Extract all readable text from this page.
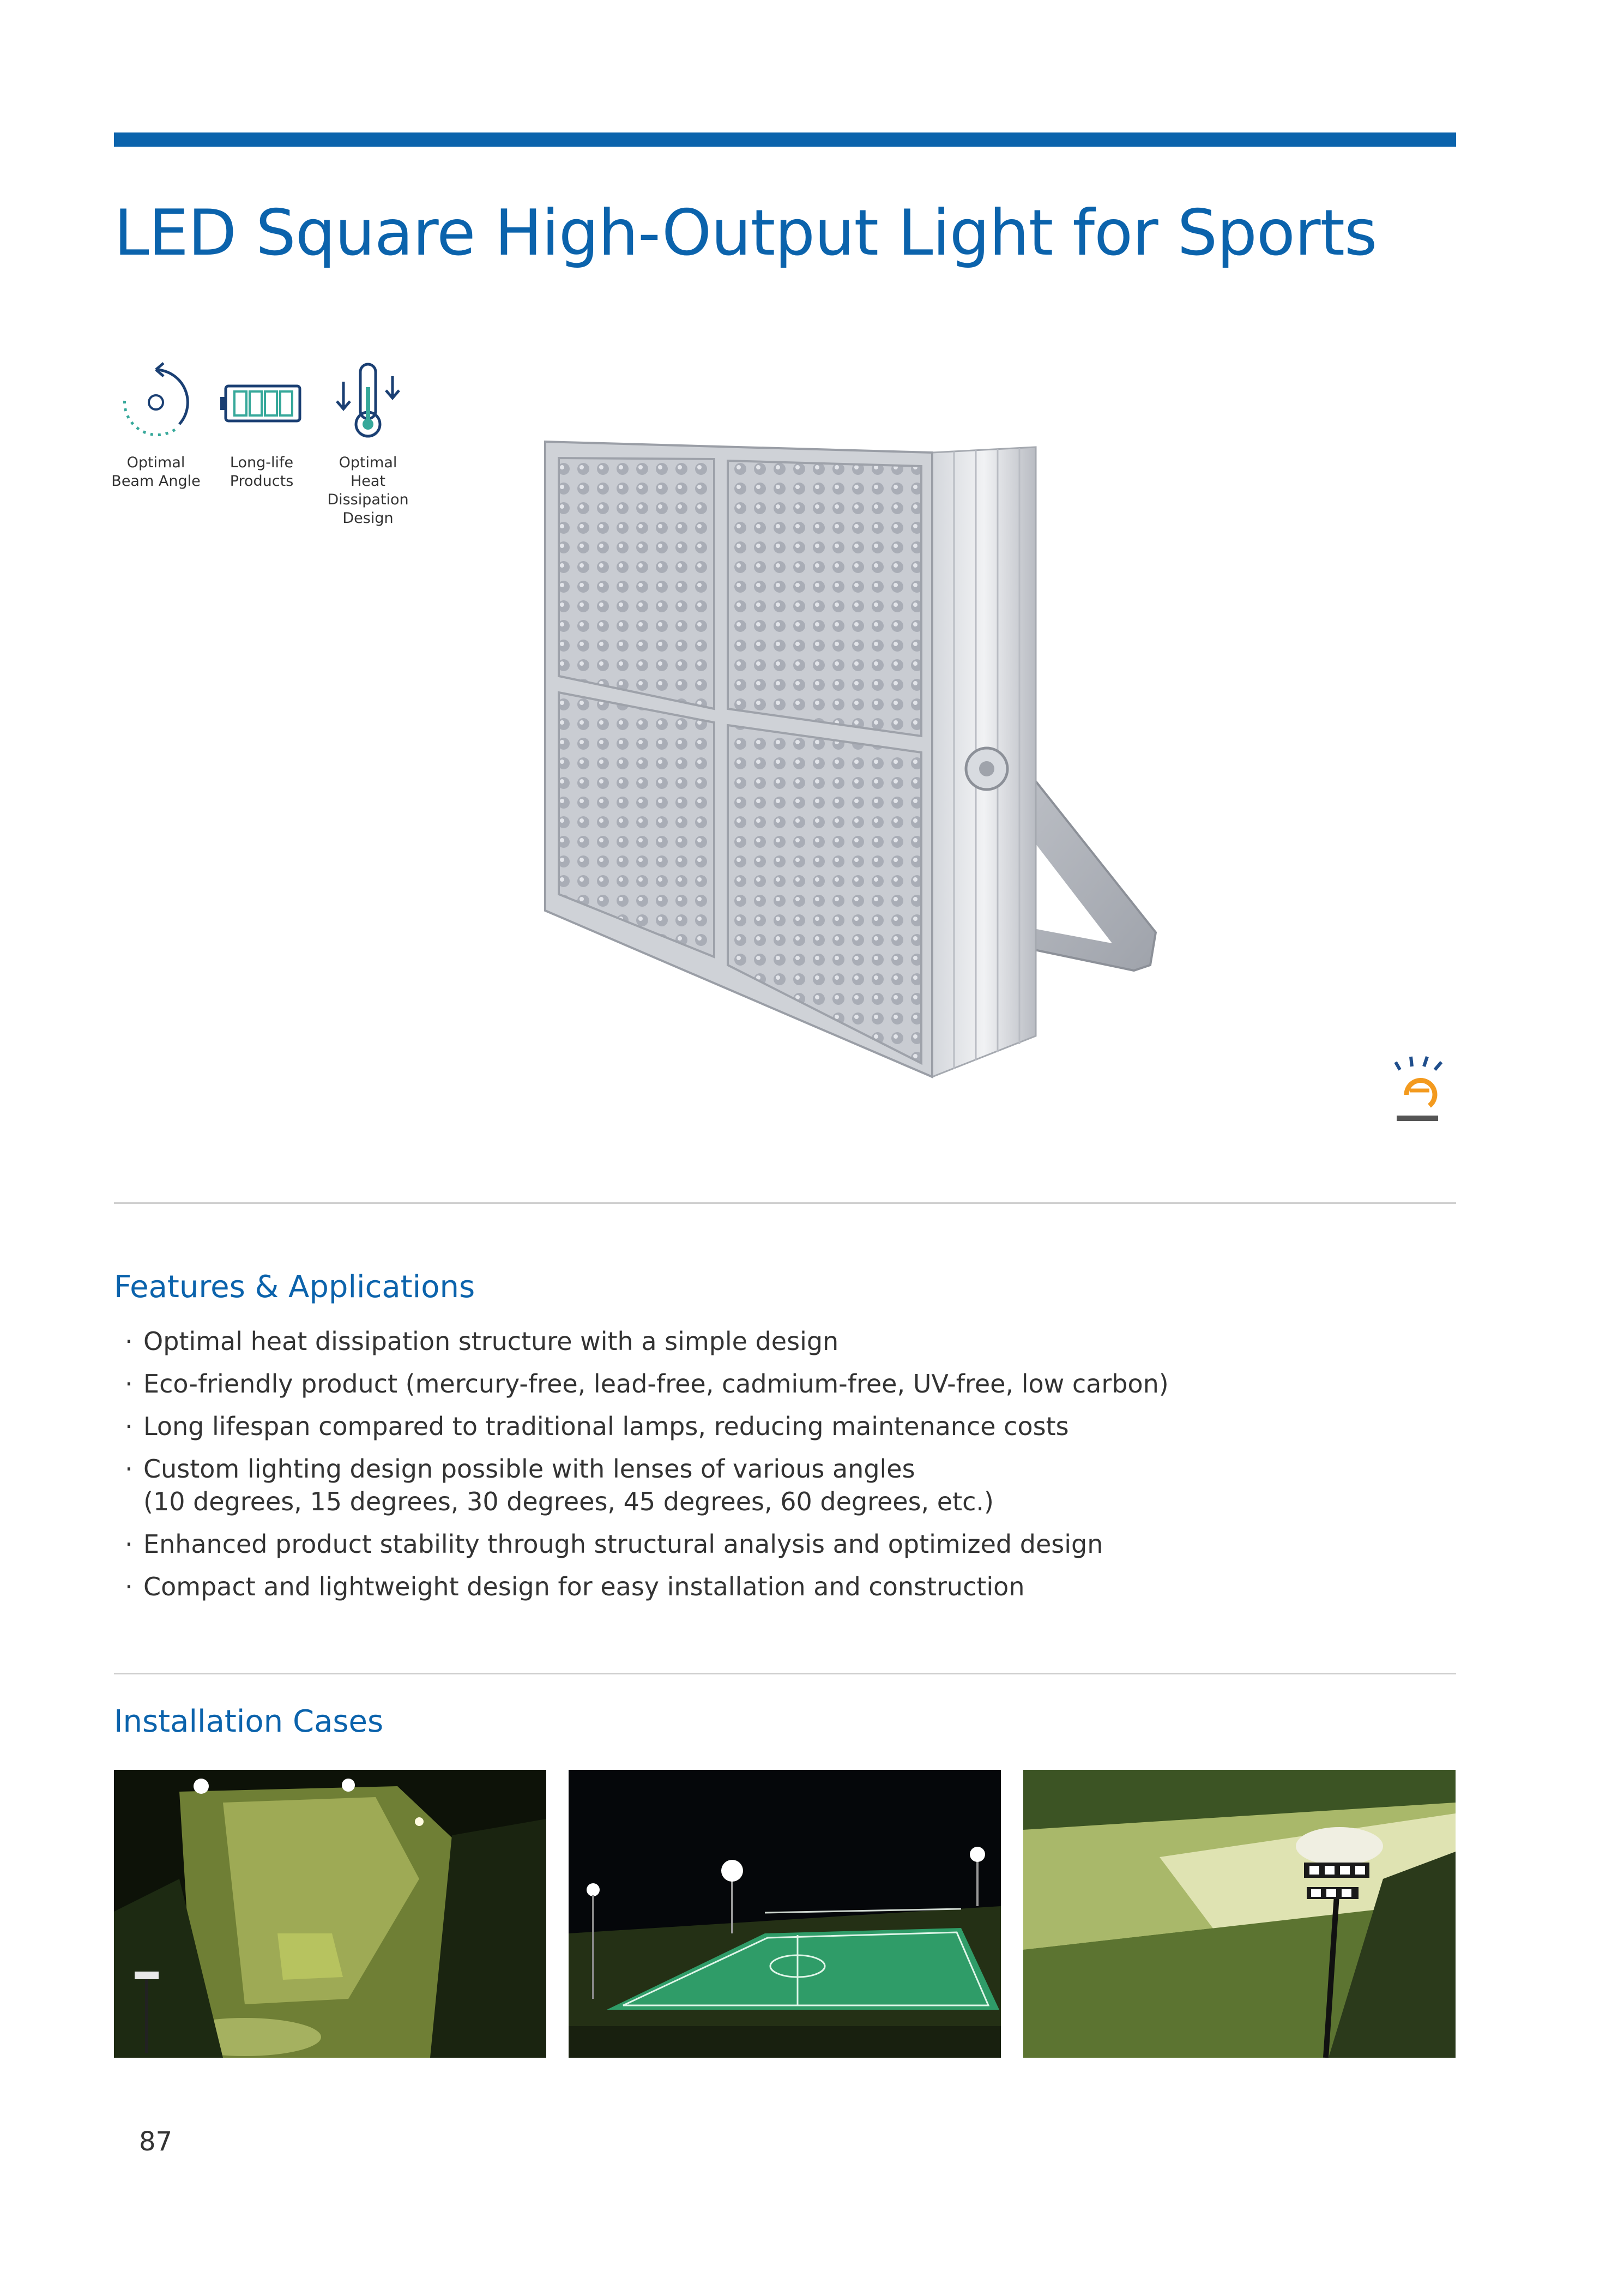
LED Square High-Output Light for Sports
Optimal
Beam Angle
Long-life
Products
Optimal
Heat
Dissipation
Design
Features & Applications
· Optimal heat dissipation structure with a simple design
· Eco-friendly product (mercury-free, lead-free, cadmium-free, UV-free, low carbon)
· Long lifespan compared to traditional lamps, reducing maintenance costs
· Custom lighting design possible with lenses of various angles
(10 degrees, 15 degrees, 30 degrees, 45 degrees, 60 degrees, etc.)
· Enhanced product stability through structural analysis and optimized design
· Compact and lightweight design for easy installation and construction
Installation Cases
87
